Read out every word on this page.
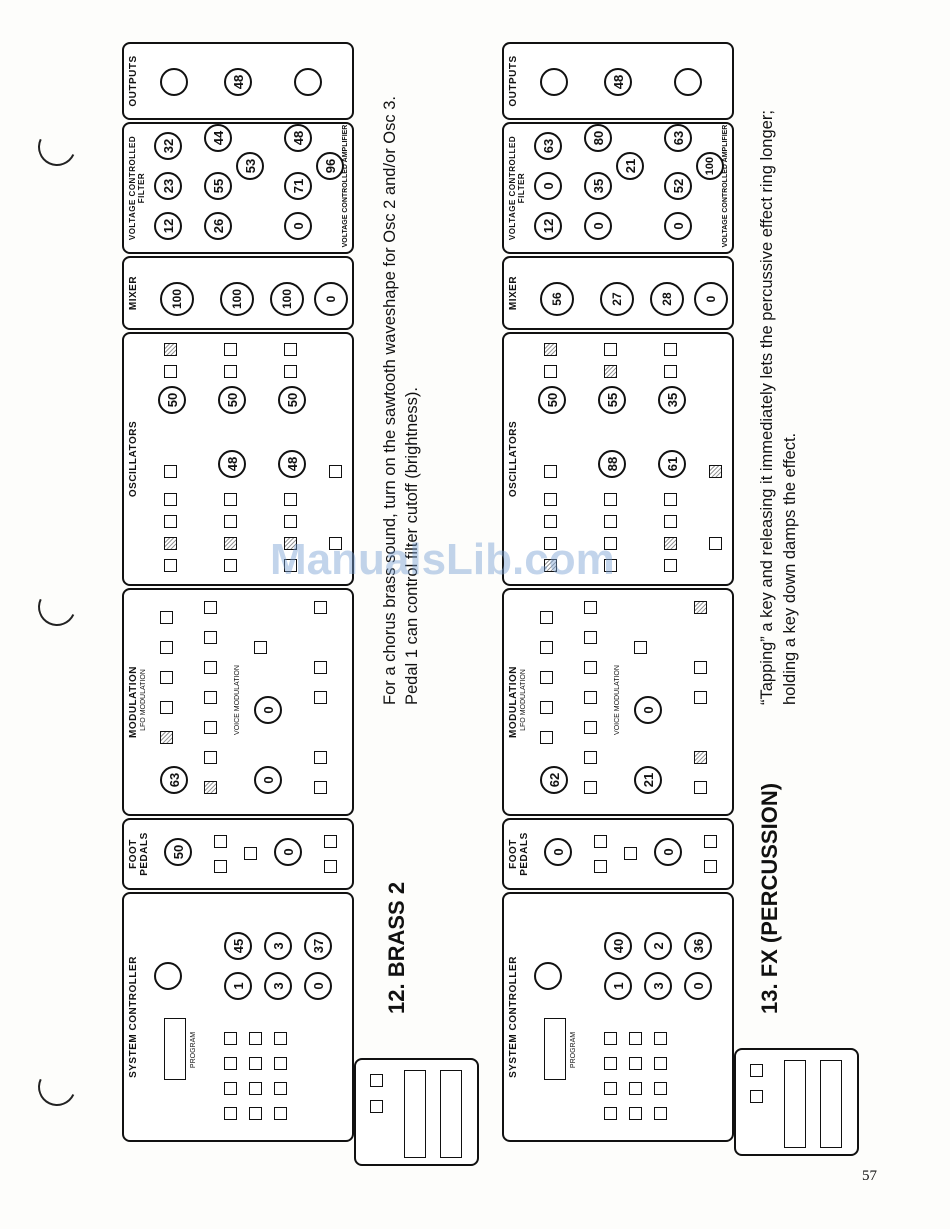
SYSTEM CONTROLLER	PROGRAM
1	3
45	3	37
0
FOOT PEDALS	50	0
MODULATION LFO MODULATION
63
VOICE MODULATION
0
0
OSCILLATORS
50
48
50
48
50
MIXER	100	100	100	0
VOLTAGE CONTROLLED FILTER
12
23
32
26
55
53
44
0
71
96
48	VOLTAGE CONTROLLED AMPLIFIER
OUTPUTS	48
12. BRASS 2
For a chorus brass sound, turn on the sawtooth waveshape for Osc 2 and/or Osc 3. Pedal 1 can control filter cutoff (brightness).
SYSTEM CONTROLLER	PROGRAM
1	3
40	2	36
0
FOOT PEDALS	0	0
MODULATION LFO MODULATION
62
VOICE MODULATION
21
0
OSCILLATORS
50
88
55
61
35
MIXER	56	27	28	0
VOLTAGE CONTROLLED FILTER
12
0
63
0
35
21
80
0
52
100
63	VOLTAGE CONTROLLED AMPLIFIER
OUTPUTS	48
13. FX (PERCUSSION)
“Tapping” a key and releasing it immediately lets the percussive effect ring longer; holding a key down damps the effect.
ManualsLib.com
57
